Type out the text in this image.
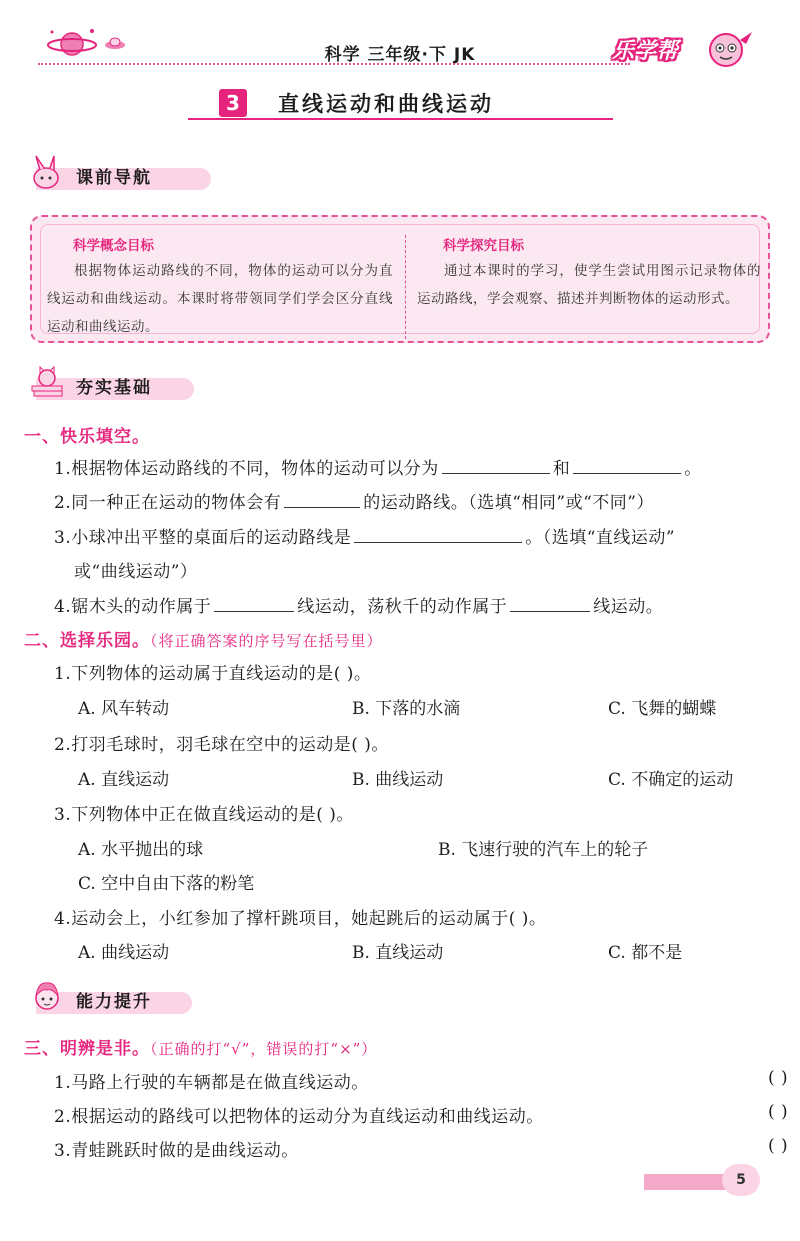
科学 三年级·下 JK	乐学帮
3	直线运动和曲线运动
课前导航
科学概念目标
根据物体运动路线的不同，物体的运动可以分为直线运动和曲线运动。本课时将带领同学们学会区分直线运动和曲线运动。
科学探究目标
通过本课时的学习，使学生尝试用图示记录物体的运动路线，学会观察、描述并判断物体的运动形式。
夯实基础
一、快乐填空。
1.根据物体运动路线的不同，物体的运动可以分为	和	。
2.同一种正在运动的物体会有	的运动路线。（选填“相同”或“不同”）
3.小球冲出平整的桌面后的运动路线是	。（选填“直线运动”
或“曲线运动”）
4.锯木头的动作属于	线运动，荡秋千的动作属于	线运动。
二、选择乐园。（将正确答案的序号写在括号里）
1.下列物体的运动属于直线运动的是( )。
A. 风车转动	B. 下落的水滴	C. 飞舞的蝴蝶
2.打羽毛球时，羽毛球在空中的运动是( )。
A. 直线运动	B. 曲线运动	C. 不确定的运动
3.下列物体中正在做直线运动的是( )。
A. 水平抛出的球	B. 飞速行驶的汽车上的轮子
C. 空中自由下落的粉笔
4.运动会上，小红参加了撑杆跳项目，她起跳后的运动属于( )。
A. 曲线运动	B. 直线运动	C. 都不是
能力提升
三、明辨是非。（正确的打“√”，错误的打“×”）
1.马路上行驶的车辆都是在做直线运动。	( )
2.根据运动的路线可以把物体的运动分为直线运动和曲线运动。	( )
3.青蛙跳跃时做的是曲线运动。	( )
5
